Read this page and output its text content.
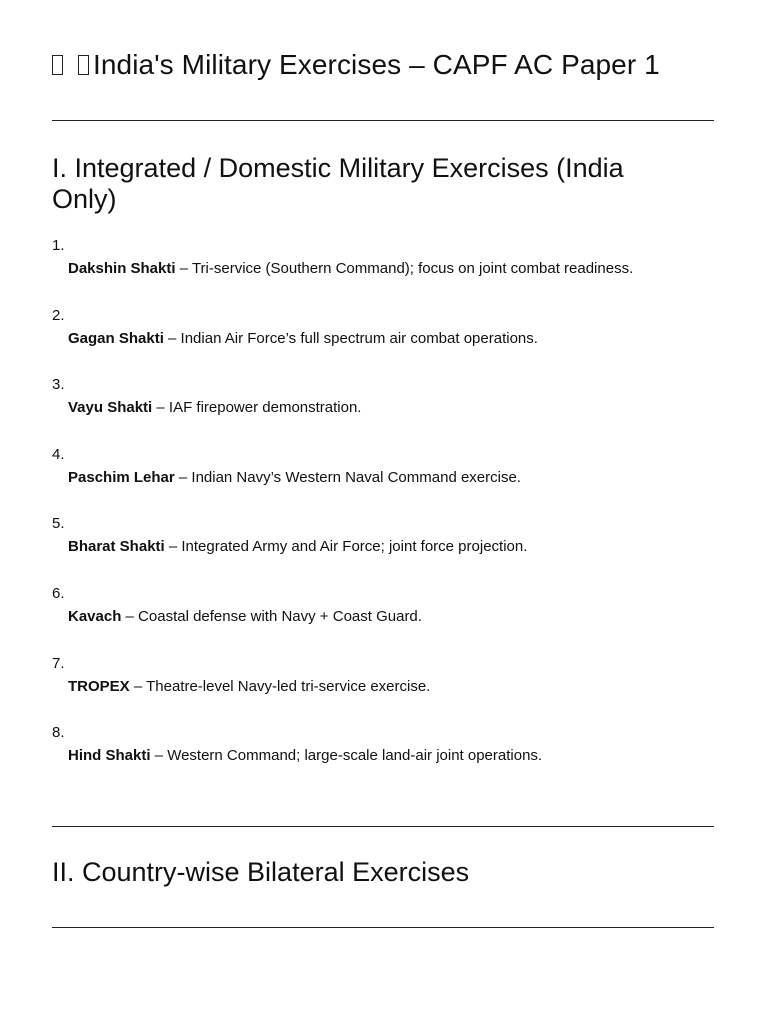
India's Military Exercises – CAPF AC Paper 1
I. Integrated / Domestic Military Exercises (India Only)
1.
Dakshin Shakti – Tri-service (Southern Command); focus on joint combat readiness.
2.
Gagan Shakti – Indian Air Force’s full spectrum air combat operations.
3.
Vayu Shakti – IAF firepower demonstration.
4.
Paschim Lehar – Indian Navy’s Western Naval Command exercise.
5.
Bharat Shakti – Integrated Army and Air Force; joint force projection.
6.
Kavach – Coastal defense with Navy + Coast Guard.
7.
TROPEX – Theatre-level Navy-led tri-service exercise.
8.
Hind Shakti – Western Command; large-scale land-air joint operations.
II. Country-wise Bilateral Exercises
